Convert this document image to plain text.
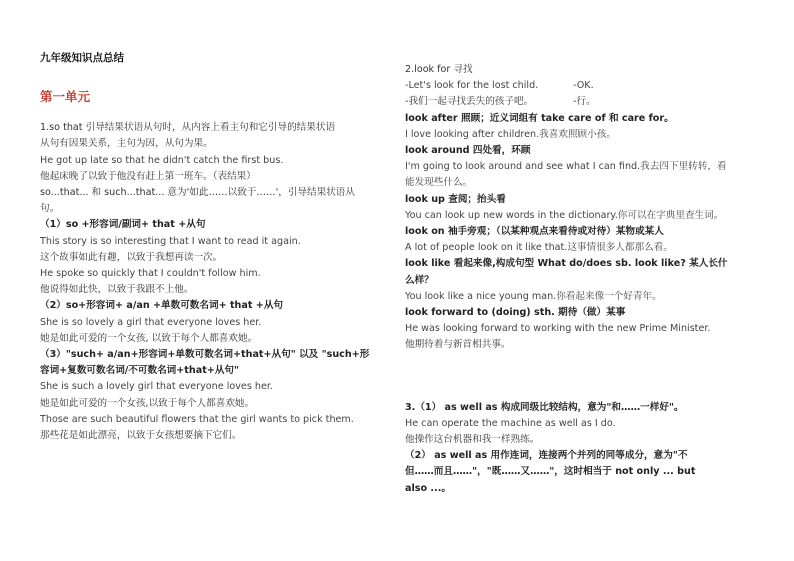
九年级知识点总结
第一单元
1.so that 引导结果状语从句时，从内容上看主句和它引导的结果状语
从句有因果关系，主句为因，从句为果。
He got up late so that he didn't catch the first bus.
他起床晚了以致于他没有赶上第一班车。（表结果）
so...that... 和 such...that... 意为'如此……以致于……'，引导结果状语从
句。
（1）so +形容词/副词+ that +从句
This story is so interesting that I want to read it again.
这个故事如此有趣，以致于我想再读一次。
He spoke so quickly that I couldn't follow him.
他说得如此快，以致于我跟不上他。
（2）so+形容词+ a/an +单数可数名词+ that +从句
She is so lovely a girl that everyone loves her.
她是如此可爱的一个女孩, 以致于每个人都喜欢她。
（3）"such+ a/an+形容词+单数可数名词+that+从句" 以及 "such+形
容词+复数可数名词/不可数名词+that+从句"
She is such a lovely girl that everyone loves her.
她是如此可爱的一个女孩,以致于每个人都喜欢她。
Those are such beautiful flowers that the girl wants to pick them.
那些花是如此漂亮，以致于女孩想要摘下它们。
2.look for 寻找
-Let's look for the lost child.	-OK.
-我们一起寻找丢失的孩子吧。	-行。
look after 照顾；近义词组有 take care of 和 care for。
I love looking after children.我喜欢照顾小孩。
look around 四处看，环顾
I'm going to look around and see what I can find.我去四下里转转，看
能发现些什么。
look up 查阅；抬头看
You can look up new words in the dictionary.你可以在字典里查生词。
look on 袖手旁观；（以某种观点来看待或对待）某物或某人
A lot of people look on it like that.这事情很多人都那么看。
look like 看起来像,构成句型 What do/does sb. look like? 某人长什
么样？
You look like a nice young man.你看起来像一个好青年。
look forward to (doing) sth. 期待（做）某事
He was looking forward to working with the new Prime Minister.
他期待着与新首相共事。
3.（1） as well as 构成同级比较结构，意为"和……一样好"。
He can operate the machine as well as I do.
他操作这台机器和我一样熟练。
（2） as well as 用作连词，连接两个并列的同等成分，意为"不
但……而且……"，"既……又……"，这时相当于 not only ... but
also ...。
